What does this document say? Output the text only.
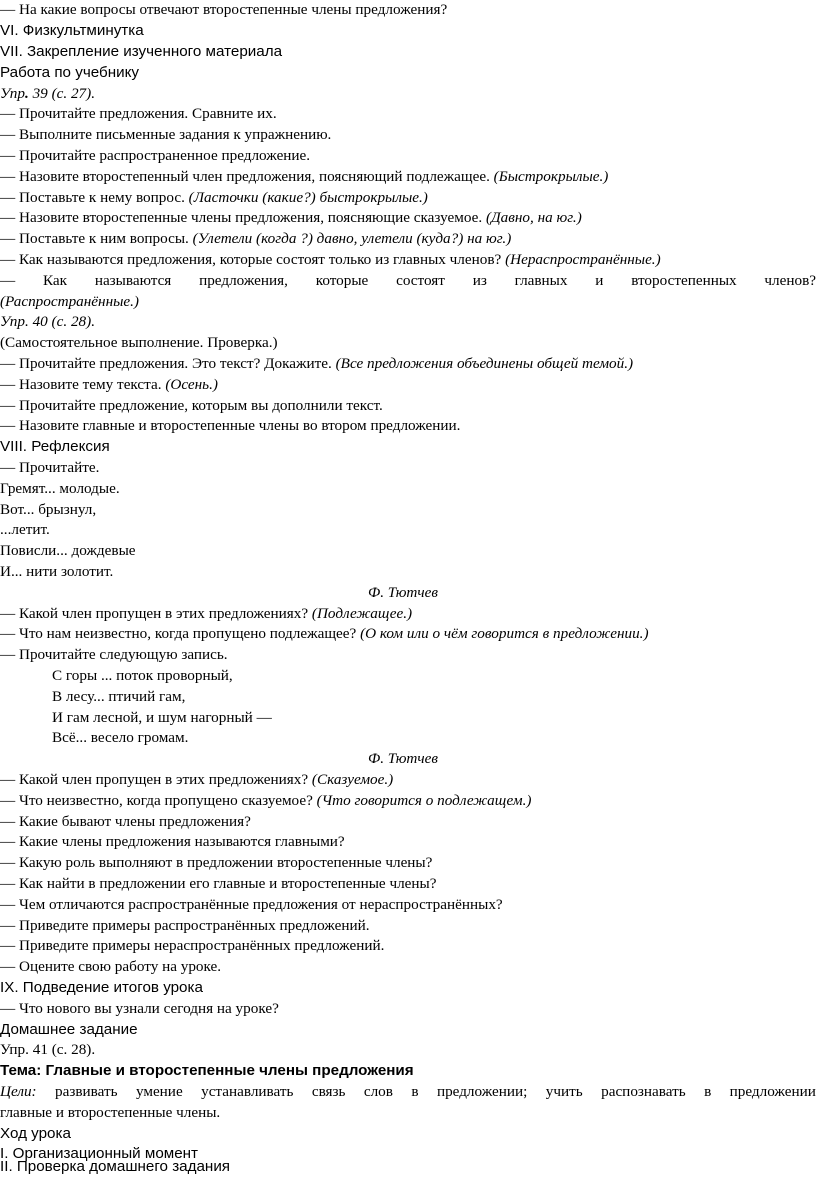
— На какие вопросы отвечают второстепенные члены предложения?
VI. Физкультминутка
VII. Закрепление изученного материала
Работа по учебнику
Упр. 39 (с. 27).
— Прочитайте предложения. Сравните их.
— Выполните письменные задания к упражнению.
— Прочитайте распространенное предложение.
— Назовите второстепенный член предложения, поясняющий подлежащее. (Быстрокрылые.)
— Поставьте к нему вопрос. (Ласточки (какие?) быстрокрылые.)
— Назовите второстепенные члены предложения, поясняющие сказуемое. (Давно, на юг.)
— Поставьте к ним вопросы. (Улетели (когда ?) давно, улетели (куда?) на юг.)
— Как называются предложения, которые состоят только из главных членов? (Нераспространённые.)
— Как называются предложения, которые состоят из главных и второстепенных членов?
(Распространённые.)
Упр. 40 (с. 28).
(Самостоятельное выполнение. Проверка.)
— Прочитайте предложения. Это текст? Докажите. (Все предложения объединены общей темой.)
— Назовите тему текста. (Осень.)
— Прочитайте предложение, которым вы дополнили текст.
— Назовите главные и второстепенные члены во втором предложении.
VIII. Рефлексия
— Прочитайте.
Гремят... молодые.
Вот... брызнул,
...летит.
Повисли... дождевые
И... нити золотит.
Ф. Тютчев
— Какой член пропущен в этих предложениях? (Подлежащее.)
— Что нам неизвестно, когда пропущено подлежащее? (О ком или о чём говорится в предложении.)
— Прочитайте следующую запись.
С горы ... поток проворный,
В лесу... птичий гам,
И гам лесной, и шум нагорный —
Всё... весело громам.
Ф. Тютчев
— Какой член пропущен в этих предложениях? (Сказуемое.)
— Что неизвестно, когда пропущено сказуемое? (Что говорится о подлежащем.)
— Какие бывают члены предложения?
— Какие члены предложения называются главными?
— Какую роль выполняют в предложении второстепенные члены?
— Как найти в предложении его главные и второстепенные члены?
— Чем отличаются распространённые предложения от нераспространённых?
— Приведите примеры распространённых предложений.
— Приведите примеры нераспространённых предложений.
— Оцените свою работу на уроке.
IX. Подведение итогов урока
— Что нового вы узнали сегодня на уроке?
Домашнее задание
Упр. 41 (с. 28).
Тема: Главные и второстепенные члены предложения
Цели: развивать умение устанавливать связь слов в предложении; учить распознавать в предложении
главные и второстепенные члены.
Ход урока
I. Организационный момент
II. Проверка домашнего задания
